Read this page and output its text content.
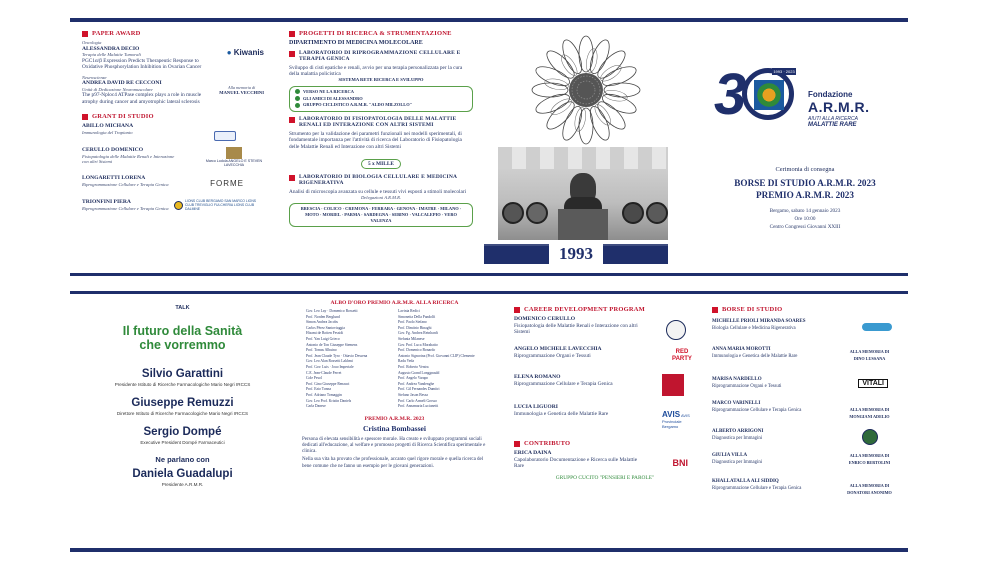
PAPER AWARD
Oncologia
ALESSANDRA DECIO
Terapia delle Malattie Tumorali
PGC1α/β Expression Predicts Therapeutic Response to Oxidative Phosphorylation Inhibition in Ovarian Cancer
● Kiwanis
Neuroscienze
ANDREA DAVID RE CECCONI
Unità di Dedicazione Neuromuscolare
The p97-Nploc4 ATPase complex plays a role in muscle atrophy during cancer and amyotrophic lateral sclerosis
Alla memoria di
MANUEL VECCHINI
GRANT DI STUDIO
ABILLO MICHANA
Immunologia del Trapianto
CERULLO DOMENICO
Fisiopatologia delle Malattie Renali e Interazione con altri Sistemi	Marco Lodola ANGELO E STEVEN LAVECCHIA
LONGARETTI LORENA
Riprogrammazione Cellulare e Terapia Genica	FORME
TRIONFINI PIERA
Riprogrammazione Cellulare e Terapia Genica
LIONS CLUB BERGAMO SAN MARCO LIONS CLUB TREVIGLIO FULCHERIA LIONS CLUB DALMINE
PROGETTI DI RICERCA & STRUMENTAZIONE
DIPARTIMENTO DI MEDICINA MOLECOLARE
LABORATORIO DI RIPROGRAMMAZIONE CELLULARE E TERAPIA GENICA
Sviluppo di cisti epatiche e renali, avvio per una terapia personalizzata per la cura della malattia policistica
SISTEMA RETE RICERCA E SVILUPPO
VERSO NE LA RICERCA
GLI AMICI DI ALESSANDRO
GRUPPO CICLISTICO A.R.M.R. "ALDO MILZOLLO"
LABORATORIO DI FISIOPATOLOGIA DELLE MALATTIE RENALI ED INTERAZIONE CON ALTRI SISTEMI
Strumento per la validazione dei parametri funzionali nei modelli sperimentali, di fondamentale importanza per l'attività di ricerca del Laboratorio di Fisiopatologia delle Malattie Renali ed Interazione con altri Sistemi
5 x MILLE
LABORATORIO DI BIOLOGIA CELLULARE E MEDICINA RIGENERATIVA
Analisi di microscopia avanzata su cellule e tessuti vivi esposti a stimoli molecolari
Delegazioni A.R.M.R.
BRESCIA · COLICO · CREMONA · FERRARA · GENOVA · IMATRE · MILANO · MOTO · MORIEL · PARMA · SARDEGNA · SEBINO · VALCALEPIO · VERO VALENZA
1993
3	1993 · 2023
Fondazione
A.R.M.R.
AIUTI ALLA RICERCA
MALATTIE RARE
Cerimonia di consegna
BORSE DI STUDIO A.R.M.R. 2023
PREMIO A.R.M.R. 2023
Bergamo, sabato 14 gennaio 2023
Ore 10:00
Centro Congressi Giovanni XXIII
TALK
Il futuro della Sanità
che vorremmo
Silvio Garattini
Presidente Istituto di Ricerche Farmacologiche Mario Negri IRCCS
Giuseppe Remuzzi
Direttore Istituto di Ricerche Farmacologiche Mario Negri IRCCS
Sergio Dompé
Executive President Dompé Farmaceutici
Ne parlano con
Daniela Guadalupi
Presidente A.R.M.R.
ALBO D'ORO PREMIO A.R.M.R. ALLA RICERCA
Gov. Leo Lay · Domenico Rossetti
Prof. Norden Berglund
Simon Andrea Jacobs
Carlos Pérez Santoviaggia
Hisami de Rotten Fessidi
Prof. Yan Luigi Grieco
Antonio de Ton Giuseppe Siemens
Prof. Tomas Albuino
Prof. Jean Claude Tyro · Ottavio Dessena
Gov. Leo Alan Rossetti Lakhmi
Prof. Gov. Luis · Joao Imperiale
C.E. Jean-Claude Ferret
Cole Pesol
Prof. Gino Giuseppe Renauci
Prof. Ezio Tonna
Prof. Adriano Tomaggin
Gov. Leo Prof. Kristin Daniels
Carla Danese
Lavinia Redici
Simonetta Della Pandolfi
Prof. Paolo Stefano
Prof. Dimitrio Binaghi
Gov. Fg. Andrea Reinhardt
Stefania Milanese
Gov. Prof. Luca Morabatto
Prof. Domenico Bonardo
Antonio Signorina (Prof. Giovanni CLIP) Clemente
Radu Veda
Prof. Roberto Ventra
Augusto Grand Longgnauld
Prof. Angelo Varapo
Prof. Andrea Vandenghe
Prof. Gil Fernandes Dumitri
Stefano Jason Bessa
Prof. Carlo Armeli Grosso
Prof. Annamaria Lucianetti
PREMIO A.R.M.R. 2023
Cristina Bombassei
Persona di elevata sensibilità e spessore morale. Ha creato e sviluppato programmi sociali dedicati all'educazione, al welfare e promosso progetti di Ricerca Scientifica sperimentale e clinica.
Nella sua vita ha provato che professionale, accanto quel rigore morale e quella ricerca del bene comune che ne fanno un esempio per le giovani generazioni.
CAREER DEVELOPMENT PROGRAM
DOMENICO CERULLO
Fisiopatologia delle Malattie Renali e Interazione con altri Sistemi
ANGELO MICHELE LAVECCHIA
Riprogrammazione Organi e Tessuti
RED PARTY
ELENA ROMANO
Riprogrammazione Cellulare e Terapia Genica
LUCIA LIGUORI
Immunologia e Genetica delle Malattie Rare	AVIS AVIS Provinciale Bergamo
CONTRIBUTO
ERICA DAINA
Capolaboratorio Documentazione e Ricerca sulle Malattie Rare	BNI
GRUPPO CUCITO "PENSIERI E PAROLE"
BORSE DI STUDIO
MICHELLE PRIOLI MIRANDA SOARES
Biologia Cellulare e Medicina Rigenerativa
ANNA MARIA MOROTTI
Immunologia e Genetica delle Malattie Rare
ALLA MEMORIA DI DINO LUSSANA
MARISA NARDELLO
Riprogrammazione Organi e Tessuti	VITALI
MARCO VARINELLI
Riprogrammazione Cellulare e Terapia Genica	ALLA MEMORIA DI MONGIANI ADELIO
ALBERTO ARRIGONI
Diagnostica per Immagini
GIULIA VILLA
Diagnostica per Immagini
ALLA MEMORIA DI ENRICO BERTOLINI
KHALLATALLA ALI SIDDIQ
Riprogrammazione Cellulare e Terapia Genica
ALLA MEMORIA DI DONATORI ANONIMO
